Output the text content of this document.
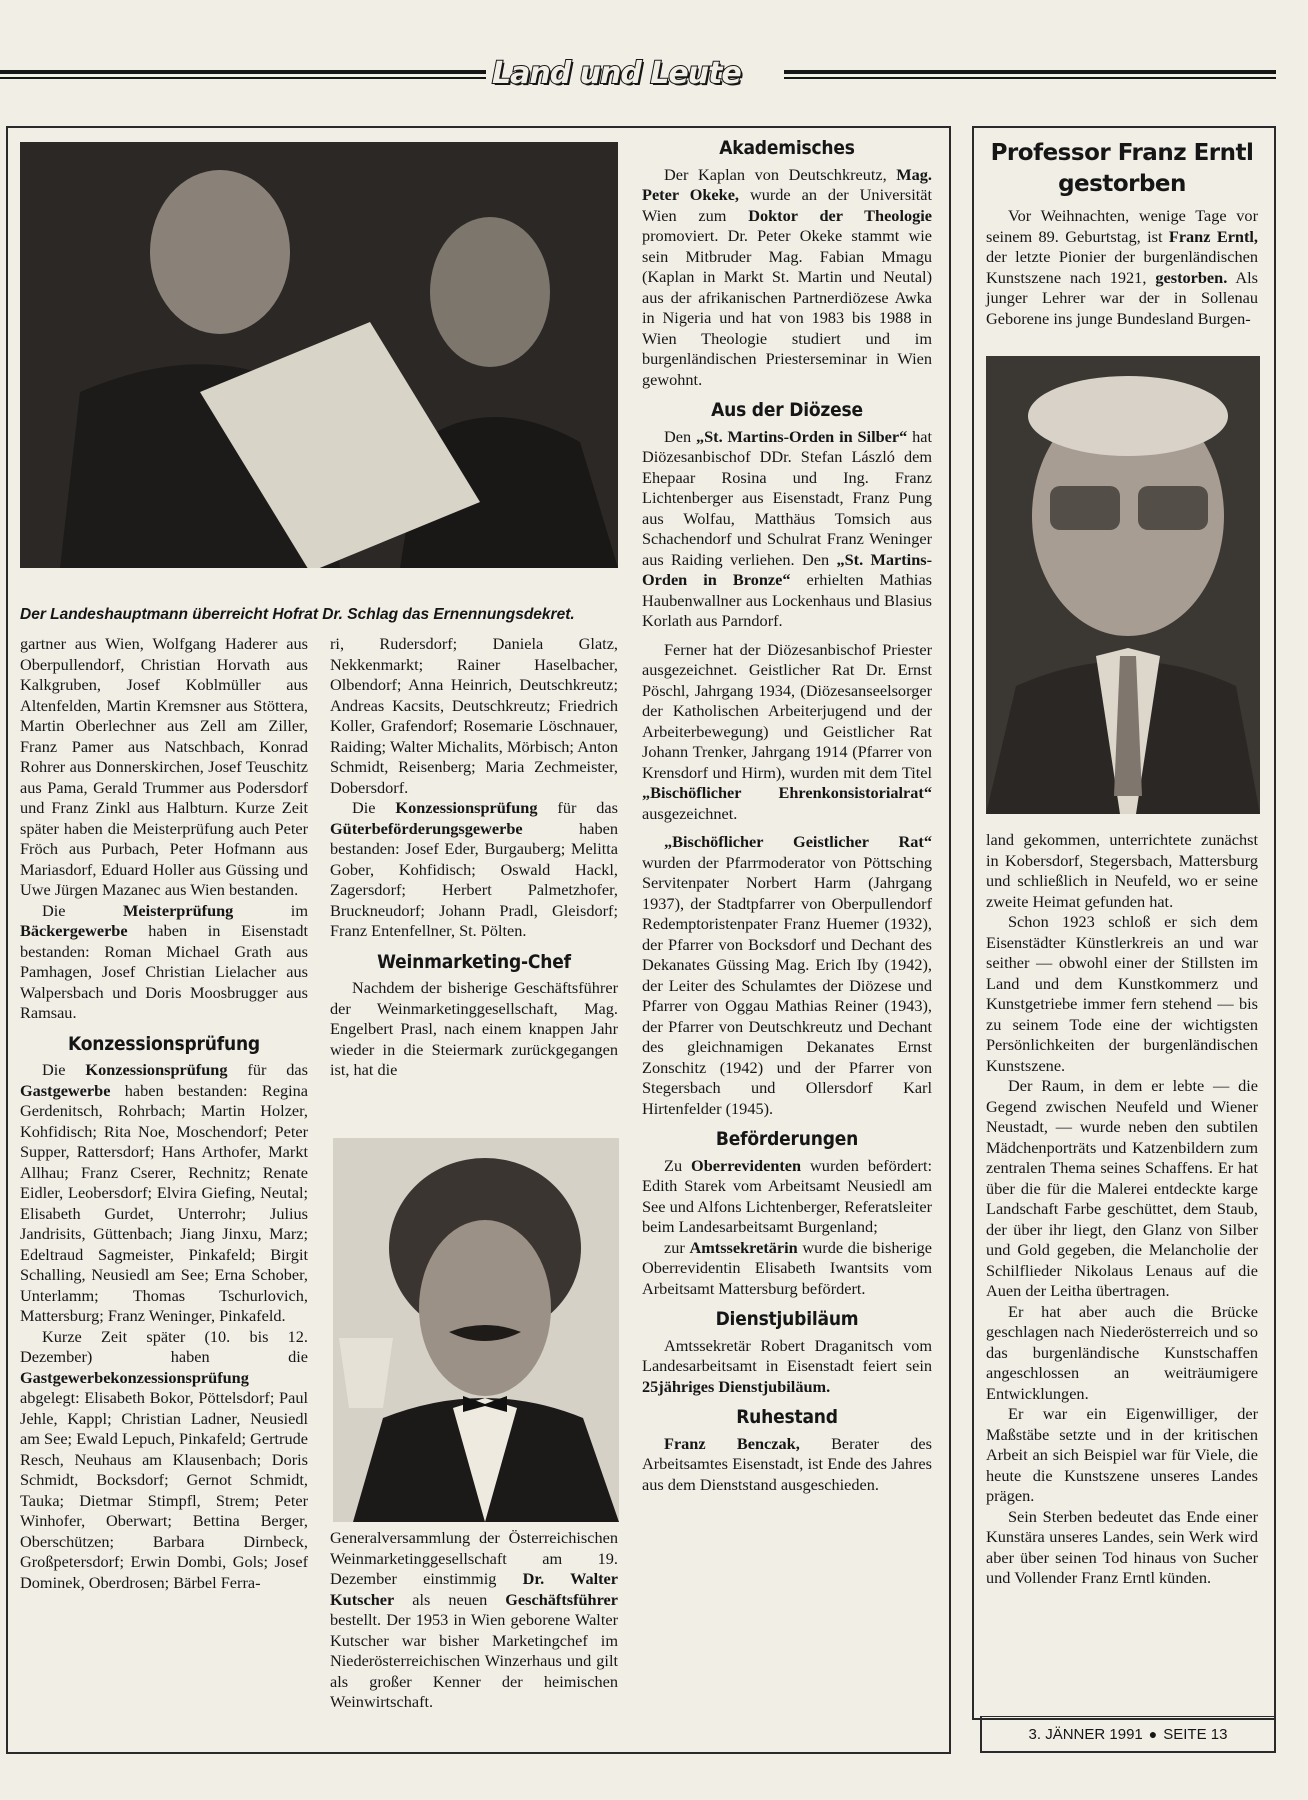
Land und Leute
Der Landeshauptmann überreicht Hofrat Dr. Schlag das Ernennungsdekret.

gartner aus Wien, Wolfgang Haderer aus Oberpullendorf, Christian Horvath aus Kalkgruben, Josef Koblmüller aus Altenfelden, Martin Kremsner aus Stöttera, Martin Oberlechner aus Zell am Ziller, Franz Pamer aus Natschbach, Konrad Rohrer aus Donnerskirchen, Josef Teuschitz aus Pama, Gerald Trummer aus Podersdorf und Franz Zinkl aus Halbturn. Kurze Zeit später haben die Meisterprüfung auch Peter Fröch aus Purbach, Peter Hofmann aus Mariasdorf, Eduard Holler aus Güssing und Uwe Jürgen Mazanec aus Wien bestanden.

Die Meisterprüfung im Bäckergewerbe haben in Eisenstadt bestanden: Roman Michael Grath aus Pamhagen, Josef Christian Lielacher aus Walpersbach und Doris Moosbrugger aus Ramsau.

Konzessionsprüfung

Die Konzessionsprüfung für das Gastgewerbe haben bestanden: Regina Gerdenitsch, Rohrbach; Martin Holzer, Kohfidisch; Rita Noe, Moschendorf; Peter Supper, Rattersdorf; Hans Arthofer, Markt Allhau; Franz Cserer, Rechnitz; Renate Eidler, Leobersdorf; Elvira Giefing, Neutal; Elisabeth Gurdet, Unterrohr; Julius Jandrisits, Güttenbach; Jiang Jinxu, Marz; Edeltraud Sagmeister, Pinkafeld; Birgit Schalling, Neusiedl am See; Erna Schober, Unterlamm; Thomas Tschurlovich, Mattersburg; Franz Weninger, Pinkafeld.

Kurze Zeit später (10. bis 12. Dezember) haben die Gastgewerbekonzessionsprüfung abgelegt: Elisabeth Bokor, Pöttelsdorf; Paul Jehle, Kappl; Christian Ladner, Neusiedl am See; Ewald Lepuch, Pinkafeld; Gertrude Resch, Neuhaus am Klausenbach; Doris Schmidt, Bocksdorf; Gernot Schmidt, Tauka; Dietmar Stimpfl, Strem; Peter Winhofer, Oberwart; Bettina Berger, Oberschützen; Barbara Dirnbeck, Großpetersdorf; Erwin Dombi, Gols; Josef Dominek, Oberdrosen; Bärbel Ferra-

ri, Rudersdorf; Daniela Glatz, Nekkenmarkt; Rainer Haselbacher, Olbendorf; Anna Heinrich, Deutschkreutz; Andreas Kacsits, Deutschkreutz; Friedrich Koller, Grafendorf; Rosemarie Löschnauer, Raiding; Walter Michalits, Mörbisch; Anton Schmidt, Reisenberg; Maria Zechmeister, Dobersdorf.

Die Konzessionsprüfung für das Güterbeförderungsgewerbe haben bestanden: Josef Eder, Burgauberg; Melitta Gober, Kohfidisch; Oswald Hackl, Zagersdorf; Herbert Palmetzhofer, Bruckneudorf; Johann Pradl, Gleisdorf; Franz Entenfellner, St. Pölten.

Weinmarketing-Chef

Nachdem der bisherige Geschäftsführer der Weinmarketinggesellschaft, Mag. Engelbert Prasl, nach einem knappen Jahr wieder in die Steiermark zurückgegangen ist, hat die

Generalversammlung der Österreichischen Weinmarketinggesellschaft am 19. Dezember einstimmig Dr. Walter Kutscher als neuen Geschäftsführer bestellt. Der 1953 in Wien geborene Walter Kutscher war bisher Marketingchef im Niederösterreichischen Winzerhaus und gilt als großer Kenner der heimischen Weinwirtschaft.

Akademisches

Der Kaplan von Deutschkreutz, Mag. Peter Okeke, wurde an der Universität Wien zum Doktor der Theologie promoviert. Dr. Peter Okeke stammt wie sein Mitbruder Mag. Fabian Mmagu (Kaplan in Markt St. Martin und Neutal) aus der afrikanischen Partnerdiözese Awka in Nigeria und hat von 1983 bis 1988 in Wien Theologie studiert und im burgenländischen Priesterseminar in Wien gewohnt.

Aus der Diözese

Den „St. Martins-Orden in Silber“ hat Diözesanbischof DDr. Stefan László dem Ehepaar Rosina und Ing. Franz Lichtenberger aus Eisenstadt, Franz Pung aus Wolfau, Matthäus Tomsich aus Schachendorf und Schulrat Franz Weninger aus Raiding verliehen. Den „St. Martins-Orden in Bronze“ erhielten Mathias Haubenwallner aus Lockenhaus und Blasius Korlath aus Parndorf.

Ferner hat der Diözesanbischof Priester ausgezeichnet. Geistlicher Rat Dr. Ernst Pöschl, Jahrgang 1934, (Diözesanseelsorger der Katholischen Arbeiterjugend und der Arbeiterbewegung) und Geistlicher Rat Johann Trenker, Jahrgang 1914 (Pfarrer von Krensdorf und Hirm), wurden mit dem Titel „Bischöflicher Ehrenkonsistorialrat“ ausgezeichnet.

„Bischöflicher Geistlicher Rat“ wurden der Pfarrmoderator von Pöttsching Servitenpater Norbert Harm (Jahrgang 1937), der Stadtpfarrer von Oberpullendorf Redemptoristenpater Franz Huemer (1932), der Pfarrer von Bocksdorf und Dechant des Dekanates Güssing Mag. Erich Iby (1942), der Leiter des Schulamtes der Diözese und Pfarrer von Oggau Mathias Reiner (1943), der Pfarrer von Deutschkreutz und Dechant des gleichnamigen Dekanates Ernst Zonschitz (1942) und der Pfarrer von Stegersbach und Ollersdorf Karl Hirtenfelder (1945).

Beförderungen

Zu Oberrevidenten wurden befördert: Edith Starek vom Arbeitsamt Neusiedl am See und Alfons Lichtenberger, Referatsleiter beim Landesarbeitsamt Burgenland;

zur Amtssekretärin wurde die bisherige Oberrevidentin Elisabeth Iwantsits vom Arbeitsamt Mattersburg befördert.

Dienstjubiläum

Amtssekretär Robert Draganitsch vom Landesarbeitsamt in Eisenstadt feiert sein 25jähriges Dienstjubiläum.

Ruhestand

Franz Benczak, Berater des Arbeitsamtes Eisenstadt, ist Ende des Jahres aus dem Dienststand ausgeschieden.

Professor Franz Erntl gestorben

Vor Weihnachten, wenige Tage vor seinem 89. Geburtstag, ist Franz Erntl, der letzte Pionier der burgenländischen Kunstszene nach 1921, gestorben. Als junger Lehrer war der in Sollenau Geborene ins junge Bundesland Burgen-

land gekommen, unterrichtete zunächst in Kobersdorf, Stegersbach, Mattersburg und schließlich in Neufeld, wo er seine zweite Heimat gefunden hat.

Schon 1923 schloß er sich dem Eisenstädter Künstlerkreis an und war seither — obwohl einer der Stillsten im Land und dem Kunstkommerz und Kunstgetriebe immer fern stehend — bis zu seinem Tode eine der wichtigsten Persönlichkeiten der burgenländischen Kunstszene.

Der Raum, in dem er lebte — die Gegend zwischen Neufeld und Wiener Neustadt, — wurde neben den subtilen Mädchenporträts und Katzenbildern zum zentralen Thema seines Schaffens. Er hat über die für die Malerei entdeckte karge Landschaft Farbe geschüttet, dem Staub, der über ihr liegt, den Glanz von Silber und Gold gegeben, die Melancholie der Schilflieder Nikolaus Lenaus auf die Auen der Leitha übertragen.

Er hat aber auch die Brücke geschlagen nach Niederösterreich und so das burgenländische Kunstschaffen angeschlossen an weiträumigere Entwicklungen.

Er war ein Eigenwilliger, der Maßstäbe setzte und in der kritischen Arbeit an sich Beispiel war für Viele, die heute die Kunstszene unseres Landes prägen.

Sein Sterben bedeutet das Ende einer Kunstära unseres Landes, sein Werk wird aber über seinen Tod hinaus von Sucher und Vollender Franz Erntl künden.

3. JÄNNER 1991 ● SEITE 13
